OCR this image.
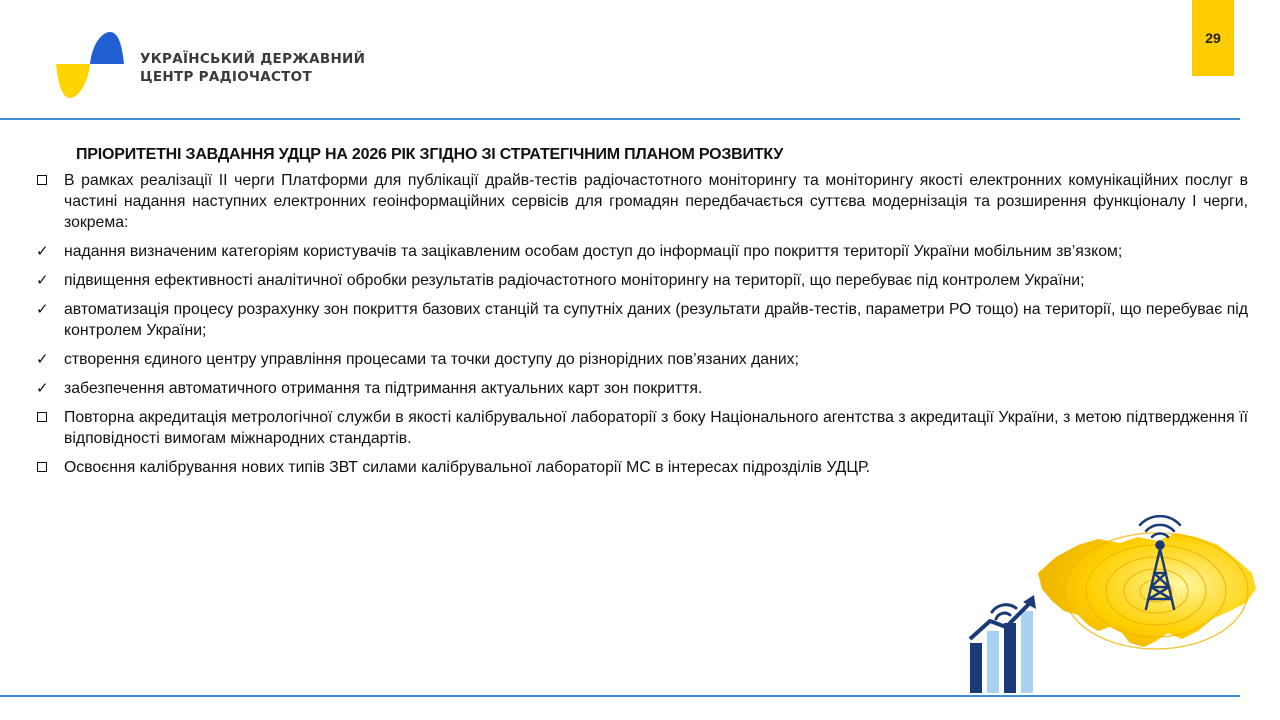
УКРАЇНСЬКИЙ ДЕРЖАВНИЙ
ЦЕНТР РАДІОЧАСТОТ
29
ПРІОРИТЕТНІ ЗАВДАННЯ УДЦР НА 2026 РІК ЗГІДНО ЗІ СТРАТЕГІЧНИМ ПЛАНОМ РОЗВИТКУ
В рамках реалізації ІІ черги Платформи для публікації драйв-тестів радіочастотного моніторингу та моніторингу якості електронних комунікаційних послуг в частині надання наступних електронних геоінформаційних сервісів для громадян передбачається суттєва модернізація та розширення функціоналу І черги, зокрема:
✓ надання визначеним категоріям користувачів та зацікавленим особам доступ до інформації про покриття території України мобільним зв’язком;
✓ підвищення ефективності аналітичної обробки результатів радіочастотного моніторингу на території, що перебуває під контролем України;
✓ автоматизація процесу розрахунку зон покриття базових станцій та супутніх даних (результати драйв-тестів, параметри РО тощо) на території, що перебуває під контролем України;
✓ створення єдиного центру управління процесами та точки доступу до різнорідних пов’язаних даних;
✓ забезпечення автоматичного отримання та підтримання актуальних карт зон покриття.
Повторна акредитація метрологічної служби в якості калібрувальної лабораторії з боку Національного агентства з акредитації України, з метою підтвердження її відповідності вимогам міжнародних стандартів.
Освоєння калібрування нових типів ЗВТ силами калібрувальної лабораторії МС в інтересах підрозділів УДЦР.
